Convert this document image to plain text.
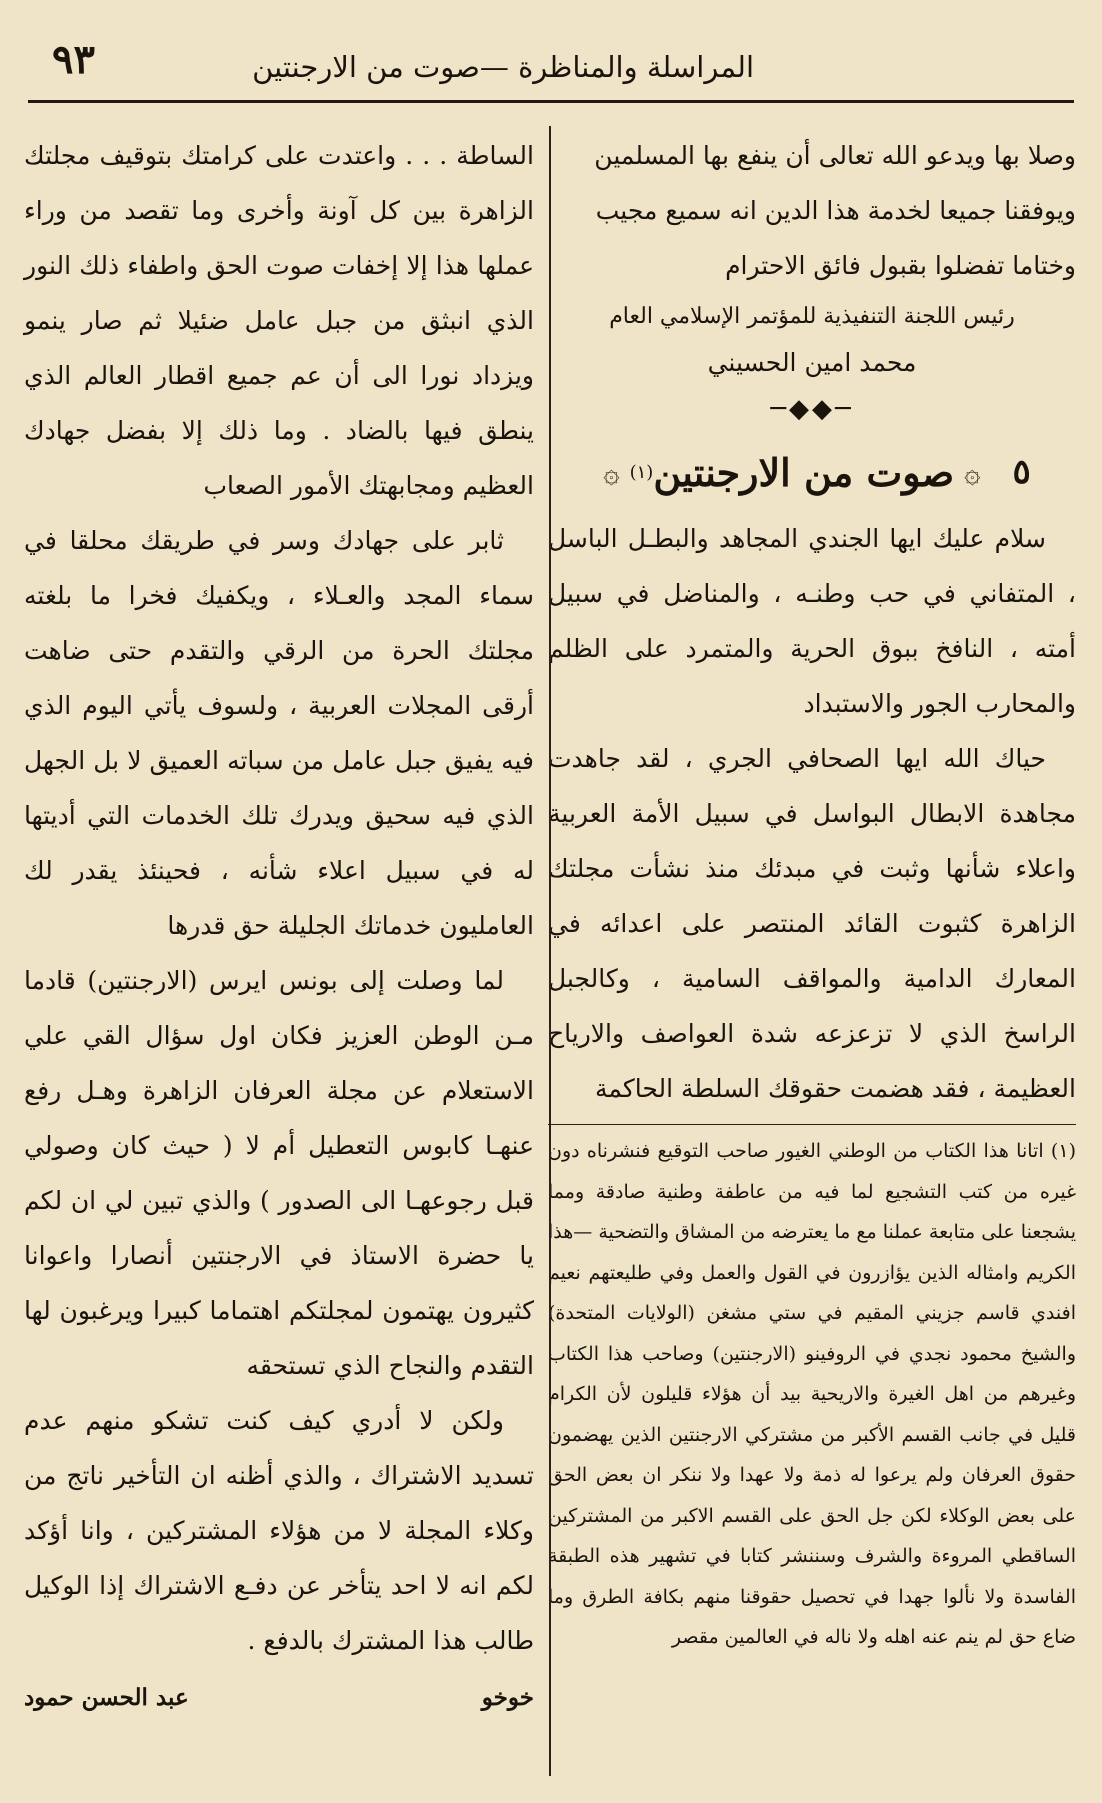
المراسلة والمناظرة —صوت من الارجنتين
٩٣

وصلا بها ويدعو الله تعالى أن ينفع بها المسلمين

ويوفقنا جميعا لخدمة هذا الدين انه سميع مجيب

وختاما تفضلوا بقبول فائق الاحترام

رئيس اللجنة التنفيذية للمؤتمر الإسلامي العام
محمد امين الحسيني
─◆◆─
٥
۞
صوت من الارجنتين
(١)
۞

سلام عليك ايها الجندي المجاهد والبطـل الباسل ، المتفاني في حب وطنـه ، والمناضل في سبيل أمته ، النافخ ببوق الحرية والمتمرد على الظلم والمحارب الجور والاستبداد

حياك الله ايها الصحافي الجري ، لقد جاهدت مجاهدة الابطال البواسل في سبيل الأمة العربية واعلاء شأنها وثبت في مبدئك منذ نشأت مجلتك الزاهرة كثبوت القائد المنتصر على اعدائه في المعارك الدامية والمواقف السامية ، وكالجبل الراسخ الذي لا تزعزعه شدة العواصف والارياح العظيمة ، فقد هضمت حقوقك السلطة الحاكمة

(١) اتانا هذا الكتاب من الوطني الغيور صاحب التوقيع فنشرناه دون غيره من كتب التشجيع لما فيه من عاطفة وطنية صادقة ومما يشجعنا على متابعة عملنا مع ما يعترضه من المشاق والتضحية —هذا الكريم وامثاله الذين يؤازرون في القول والعمل وفي طليعتهم نعيم افندي قاسم جزيني المقيم في ستي مشغن (الولايات المتحدة) والشيخ محمود نجدي في الروفينو (الارجنتين) وصاحب هذا الكتاب وغيرهم من اهل الغيرة والاريحية بيد أن هؤلاء قليلون لأن الكرام قليل في جانب القسم الأكبر من مشتركي الارجنتين الذين يهضمون حقوق العرفان ولم يرعوا له ذمة ولا عهدا ولا ننكر ان بعض الحق على بعض الوكلاء لكن جل الحق على القسم الاكبر من المشتركين الساقطي المروءة والشرف وسننشر كتابا في تشهير هذه الطبقة الفاسدة ولا نألوا جهدا في تحصيل حقوقنا منهم بكافة الطرق وما ضاع حق لم ينم عنه اهله ولا ناله في العالمين مقصر

الساطة . . . واعتدت على كرامتك بتوقيف مجلتك الزاهرة بين كل آونة وأخرى وما تقصد من وراء عملها هذا إلا إخفات صوت الحق واطفاء ذلك النور الذي انبثق من جبل عامل ضئيلا ثم صار ينمو ويزداد نورا الى أن عم جميع اقطار العالم الذي ينطق فيها بالضاد . وما ذلك إلا بفضل جهادك العظيم ومجابهتك الأمور الصعاب

ثابر على جهادك وسر في طريقك محلقا في سماء المجد والعـلاء ، ويكفيك فخرا ما بلغته مجلتك الحرة من الرقي والتقدم حتى ضاهت أرقى المجلات العربية ، ولسوف يأتي اليوم الذي فيه يفيق جبل عامل من سباته العميق لا بل الجهل الذي فيه سحيق ويدرك تلك الخدمات التي أديتها له في سبيل اعلاء شأنه ، فحينئذ يقدر لك العامليون خدماتك الجليلة حق قدرها

لما وصلت إلى بونس ايرس (الارجنتين) قادما مـن الوطن العزيز فكان اول سؤال القي علي الاستعلام عن مجلة العرفان الزاهرة وهـل رفع عنهـا كابوس التعطيل أم لا ( حيث كان وصولي قبل رجوعهـا الى الصدور ) والذي تبين لي ان لكم يا حضرة الاستاذ في الارجنتين أنصارا واعوانا كثيرون يهتمون لمجلتكم اهتماما كبيرا ويرغبون لها التقدم والنجاح الذي تستحقه

ولكن لا أدري كيف كنت تشكو منهم عدم تسديد الاشتراك ، والذي أظنه ان التأخير ناتج من وكلاء المجلة لا من هؤلاء المشتركين ، وانا أؤكد لكم انه لا احد يتأخر عن دفـع الاشتراك إذا الوكيل طالب هذا المشترك بالدفع .

خوخو
عبد الحسن حمود
